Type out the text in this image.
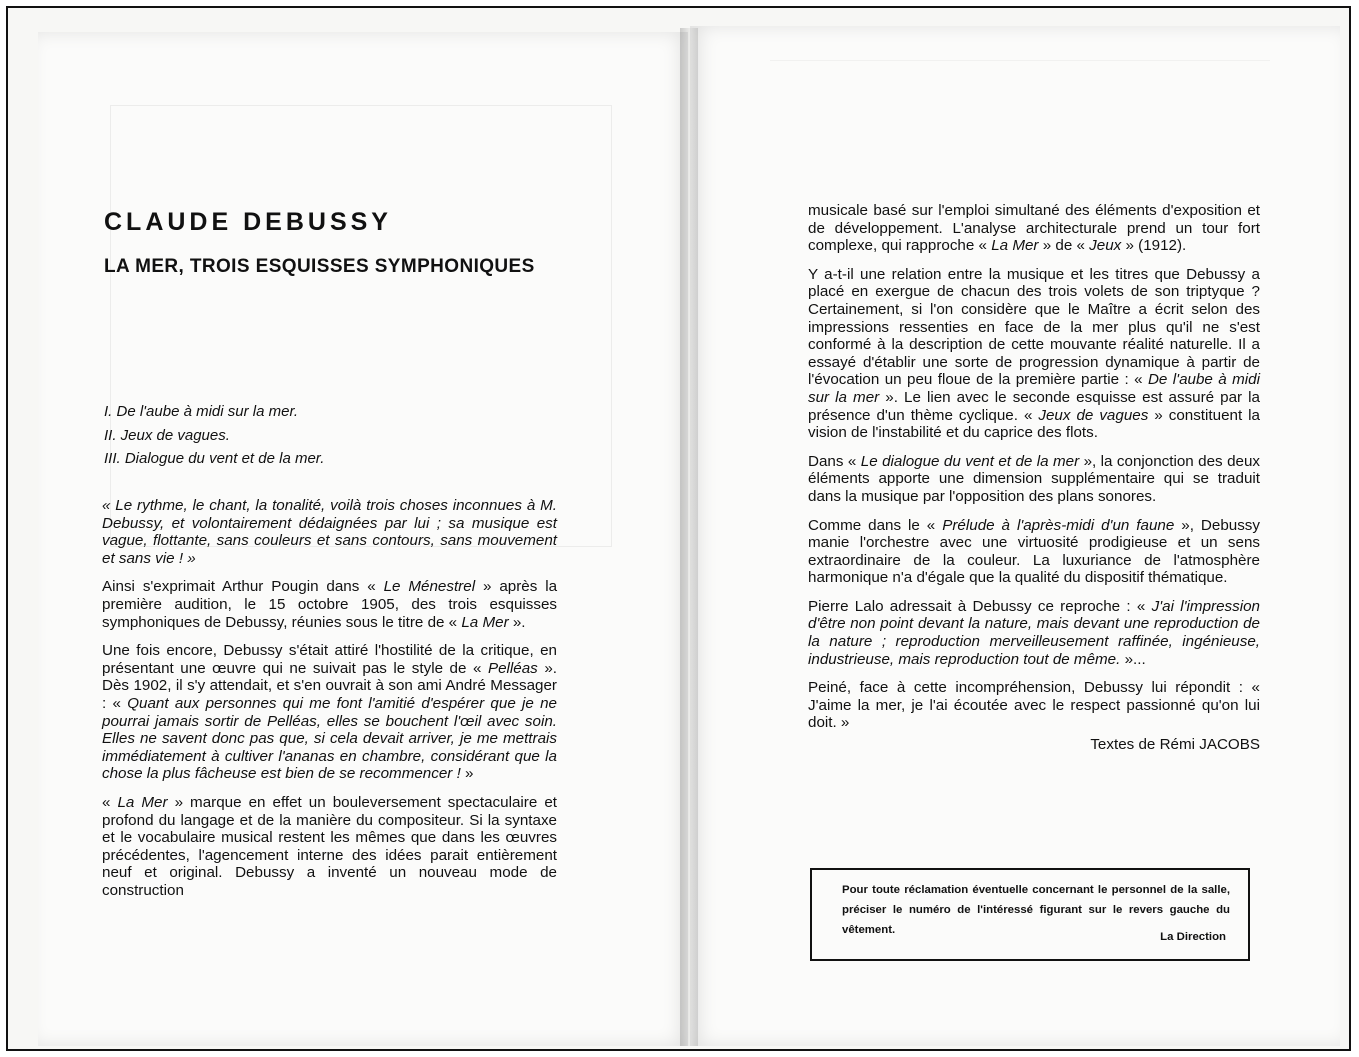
CLAUDE DEBUSSY
LA MER, TROIS ESQUISSES SYMPHONIQUES
I. De l'aube à midi sur la mer.
II. Jeux de vagues.
III. Dialogue du vent et de la mer.

« Le rythme, le chant, la tonalité, voilà trois choses inconnues à M. Debussy, et volontairement dédaignées par lui ; sa musique est vague, flottante, sans couleurs et sans contours, sans mouvement et sans vie ! »

Ainsi s'exprimait Arthur Pougin dans « Le Ménestrel » après la première audition, le 15 octobre 1905, des trois esquisses symphoniques de Debussy, réunies sous le titre de « La Mer ».

Une fois encore, Debussy s'était attiré l'hostilité de la critique, en présentant une œuvre qui ne suivait pas le style de « Pelléas ». Dès 1902, il s'y attendait, et s'en ouvrait à son ami André Messager : « Quant aux personnes qui me font l'amitié d'espérer que je ne pourrai jamais sortir de Pelléas, elles se bouchent l'œil avec soin. Elles ne savent donc pas que, si cela devait arriver, je me mettrais immédiatement à cultiver l'ananas en chambre, considérant que la chose la plus fâcheuse est bien de se recommencer ! »

« La Mer » marque en effet un bouleversement spectaculaire et profond du langage et de la manière du compositeur. Si la syntaxe et le vocabulaire musical restent les mêmes que dans les œuvres précédentes, l'agencement interne des idées parait entièrement neuf et original. Debussy a inventé un nouveau mode de construction

musicale basé sur l'emploi simultané des éléments d'exposition et de développement. L'analyse architecturale prend un tour fort complexe, qui rapproche « La Mer » de « Jeux » (1912).

Y a-t-il une relation entre la musique et les titres que Debussy a placé en exergue de chacun des trois volets de son triptyque ? Certainement, si l'on considère que le Maître a écrit selon des impressions ressenties en face de la mer plus qu'il ne s'est conformé à la description de cette mouvante réalité naturelle. Il a essayé d'établir une sorte de progression dynamique à partir de l'évocation un peu floue de la première partie : « De l'aube à midi sur la mer ». Le lien avec le seconde esquisse est assuré par la présence d'un thème cyclique. « Jeux de vagues » constituent la vision de l'instabilité et du caprice des flots.

Dans « Le dialogue du vent et de la mer », la conjonction des deux éléments apporte une dimension supplémentaire qui se traduit dans la musique par l'opposition des plans sonores.

Comme dans le « Prélude à l'après-midi d'un faune », Debussy manie l'orchestre avec une virtuosité prodigieuse et un sens extraordinaire de la couleur. La luxuriance de l'atmosphère harmonique n'a d'égale que la qualité du dispositif thématique.

Pierre Lalo adressait à Debussy ce reproche : « J'ai l'impression d'être non point devant la nature, mais devant une reproduction de la nature ; reproduction merveilleusement raffinée, ingénieuse, industrieuse, mais reproduction tout de même. »...

Peiné, face à cette incompréhension, Debussy lui répondit : « J'aime la mer, je l'ai écoutée avec le respect passionné qu'on lui doit. »

Textes de Rémi JACOBS
Pour toute réclamation éventuelle concernant le personnel de la salle, préciser le numéro de l'intéressé figurant sur le revers gauche du vêtement.
La Direction
